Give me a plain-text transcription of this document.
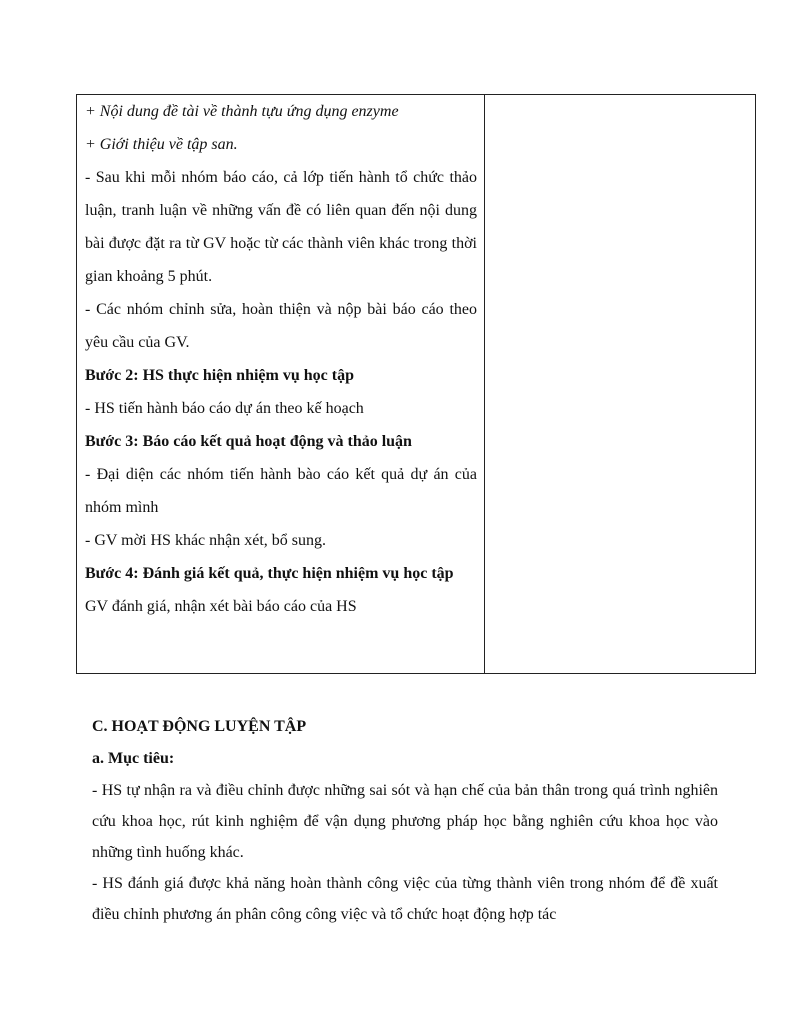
+ Nội dung đề tài về thành tựu ứng dụng enzyme

+ Giới thiệu về tập san.

- Sau khi mỗi nhóm báo cáo, cả lớp tiến hành tổ chức thảo luận, tranh luận về những vấn đề có liên quan đến nội dung bài được đặt ra từ GV hoặc từ các thành viên khác trong thời gian khoảng 5 phút.

- Các nhóm chỉnh sửa, hoàn thiện và nộp bài báo cáo theo yêu cầu của GV.

Bước 2: HS thực hiện nhiệm vụ học tập

- HS tiến hành báo cáo dự án theo kế hoạch

Bước 3: Báo cáo kết quả hoạt động và thảo luận

- Đại diện các nhóm tiến hành bào cáo kết quả dự án của nhóm mình

- GV mời HS khác nhận xét, bổ sung.

Bước 4: Đánh giá kết quả, thực hiện nhiệm vụ học tập

GV đánh giá, nhận xét bài báo cáo của HS

C. HOẠT ĐỘNG LUYỆN TẬP

a. Mục tiêu:

- HS tự nhận ra và điều chỉnh được những sai sót và hạn chế của bản thân trong quá trình nghiên cứu khoa học, rút kinh nghiệm để vận dụng phương pháp học bằng nghiên cứu khoa học vào những tình huống khác.

- HS đánh giá được khả năng hoàn thành công việc của từng thành viên trong nhóm để đề xuất điều chỉnh phương án phân công công việc và tổ chức hoạt động hợp tác
